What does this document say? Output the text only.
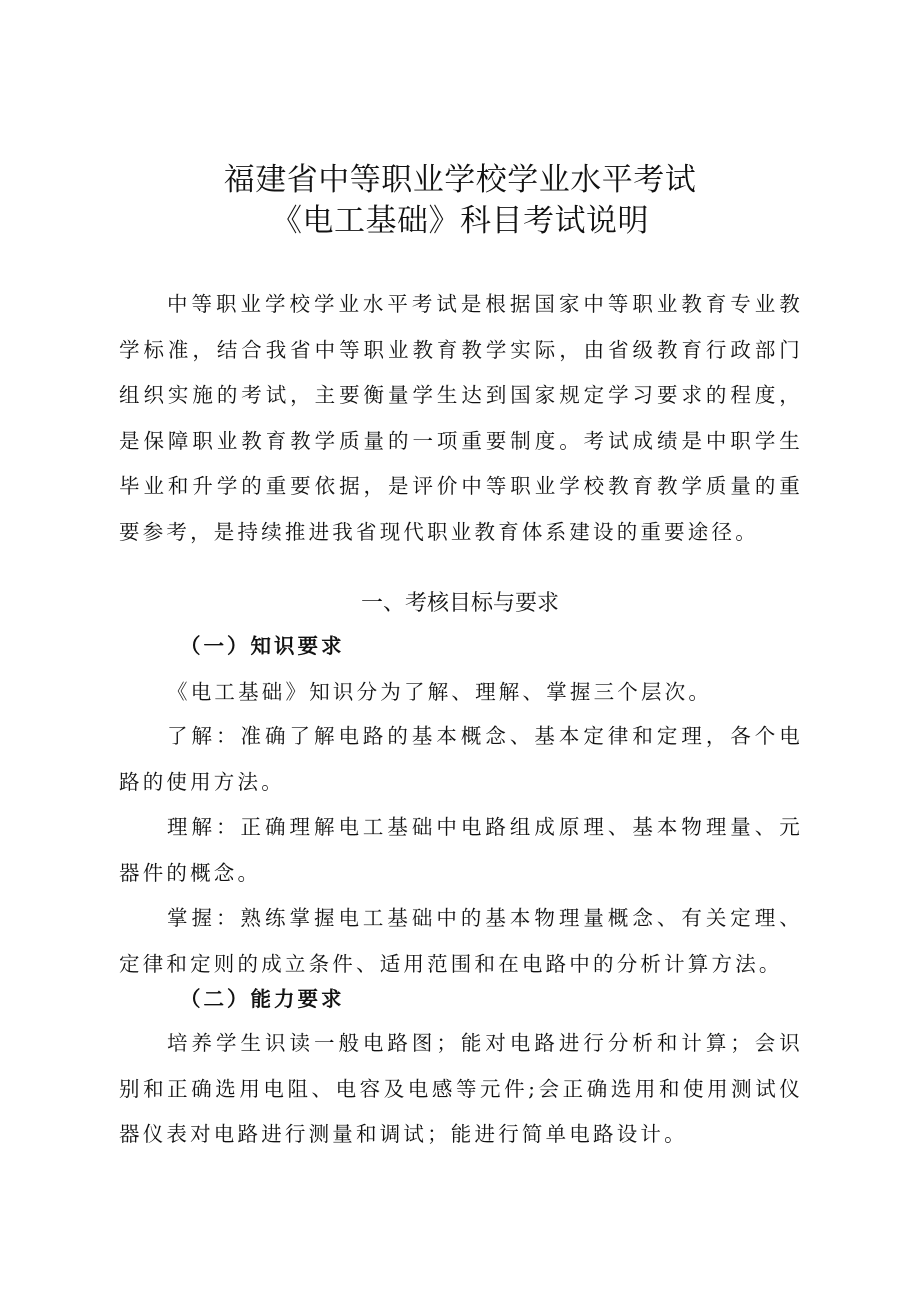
福建省中等职业学校学业水平考试
《电工基础》科目考试说明

中等职业学校学业水平考试是根据国家中等职业教育专业教学标准，结合我省中等职业教育教学实际，由省级教育行政部门组织实施的考试，主要衡量学生达到国家规定学习要求的程度，是保障职业教育教学质量的一项重要制度。考试成绩是中职学生毕业和升学的重要依据，是评价中等职业学校教育教学质量的重要参考，是持续推进我省现代职业教育体系建设的重要途径。

一、考核目标与要求
（一）知识要求

《电工基础》知识分为了解、理解、掌握三个层次。

了解：准确了解电路的基本概念、基本定律和定理，各个电路的使用方法。

理解：正确理解电工基础中电路组成原理、基本物理量、元器件的概念。

掌握：熟练掌握电工基础中的基本物理量概念、有关定理、定律和定则的成立条件、适用范围和在电路中的分析计算方法。

（二）能力要求

培养学生识读一般电路图；能对电路进行分析和计算；会识别和正确选用电阻、电容及电感等元件;会正确选用和使用测试仪器仪表对电路进行测量和调试；能进行简单电路设计。
